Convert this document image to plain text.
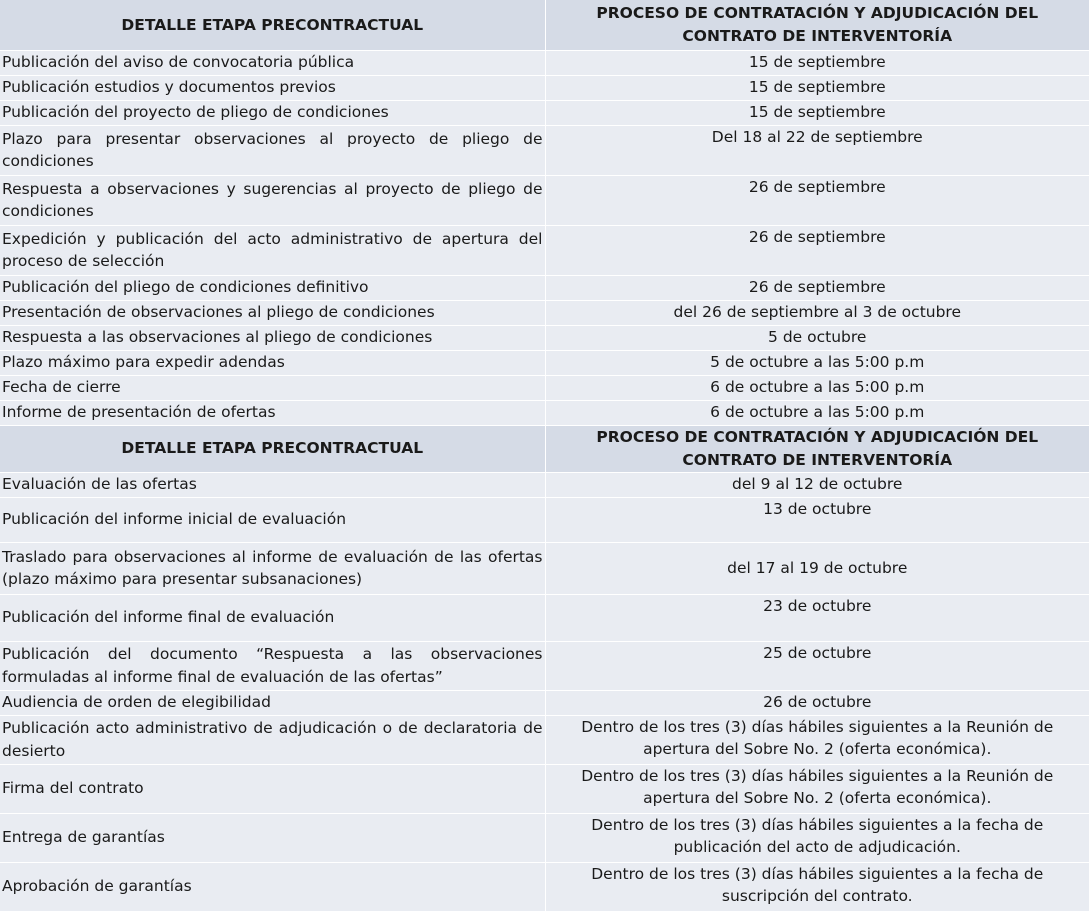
DETALLE ETAPA PRECONTRACTUAL	PROCESO DE CONTRATACIÓN Y ADJUDICACIÓN DEL CONTRATO DE INTERVENTORÍA
Publicación del aviso de convocatoria pública	15 de septiembre
Publicación estudios y documentos previos	15 de septiembre
Publicación del proyecto de pliego de condiciones	15 de septiembre
Plazo para presentar observaciones al proyecto de pliego de condiciones	Del 18 al 22 de septiembre
Respuesta a observaciones y sugerencias al proyecto de pliego de condiciones	26 de septiembre
Expedición y publicación del acto administrativo de apertura del proceso de selección	26 de septiembre
Publicación del pliego de condiciones definitivo	26 de septiembre
Presentación de observaciones al pliego de condiciones	del 26 de septiembre al 3 de octubre
Respuesta a las observaciones al pliego de condiciones	5 de octubre
Plazo máximo para expedir adendas	5 de octubre a las 5:00 p.m
Fecha de cierre	6 de octubre a las 5:00 p.m
Informe de presentación de ofertas	6 de octubre a las 5:00 p.m
DETALLE ETAPA PRECONTRACTUAL	PROCESO DE CONTRATACIÓN Y ADJUDICACIÓN DEL CONTRATO DE INTERVENTORÍA
Evaluación de las ofertas	del 9 al 12 de octubre
Publicación del informe inicial de evaluación	13 de octubre
Traslado para observaciones al informe de evaluación de las ofertas (plazo máximo para presentar subsanaciones)	del 17 al 19 de octubre
Publicación del informe final de evaluación	23 de octubre
Publicación del documento “Respuesta a las observaciones formuladas al informe final de evaluación de las ofertas”	25 de octubre
Audiencia de orden de elegibilidad	26 de octubre
Publicación acto administrativo de adjudicación o de declaratoria de desierto	Dentro de los tres (3) días hábiles siguientes a la Reunión de apertura del Sobre No. 2 (oferta económica).
Firma del contrato	Dentro de los tres (3) días hábiles siguientes a la Reunión de apertura del Sobre No. 2 (oferta económica).
Entrega de garantías	Dentro de los tres (3) días hábiles siguientes a la fecha de publicación del acto de adjudicación.
Aprobación de garantías	Dentro de los tres (3) días hábiles siguientes a la fecha de suscripción del contrato.
